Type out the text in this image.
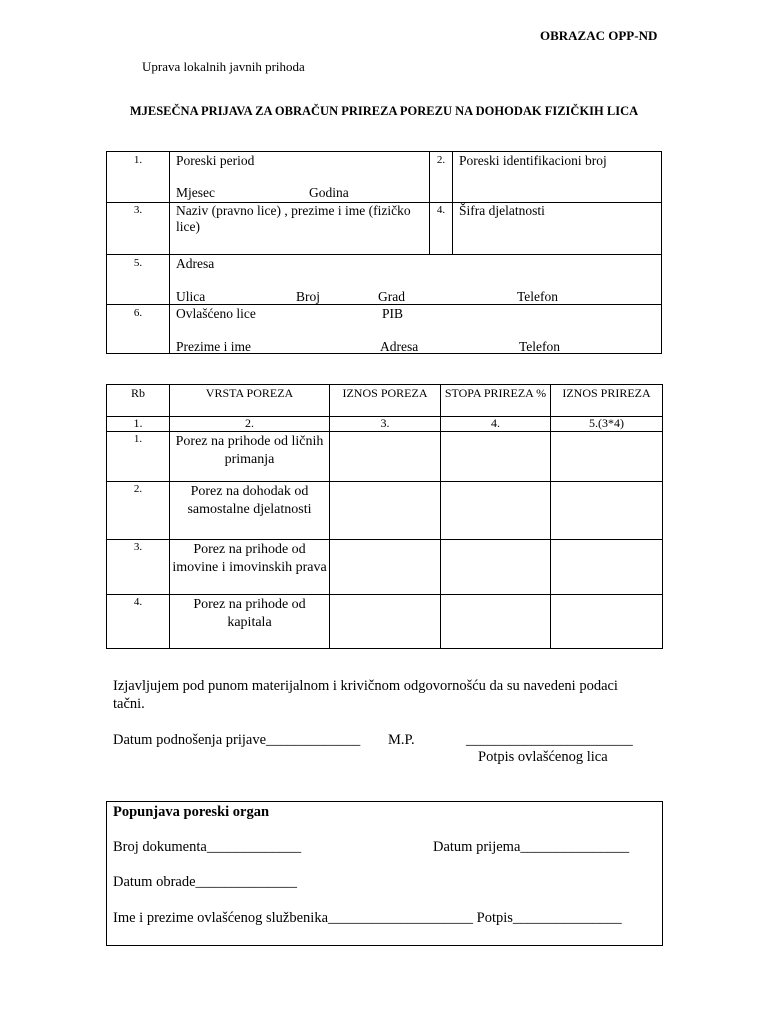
OBRAZAC OPP-ND
Uprava lokalnih javnih prihoda
MJESEČNA PRIJAVA ZA OBRAČUN PRIREZA POREZU NA DOHODAK FIZIČKIH LICA
1.	Poreski period
Mjesec	Godina
2.	Poreski identifikacioni broj
3.	Naziv (pravno lice) , prezime i ime (fizičko lice)
4.	Šifra djelatnosti
5.	Adresa
Ulica	Broj	Grad	Telefon
6.	Ovlašćeno lice	PIB
Prezime i ime	Adresa	Telefon
Rb	VRSTA POREZA	IZNOS POREZA	STOPA PRIREZA %	IZNOS PRIREZA
1.	2.	3.	4.	5.(3*4)
1.	Porez na prihode od ličnih primanja			
2.	Porez na dohodak od samostalne djelatnosti			
3.	Porez na prihode od imovine i imovinskih prava			
4.	Porez na prihode od kapitala			
Izjavljujem pod punom materijalnom i krivičnom odgovornošću da su navedeni podaci tačni.
Datum podnošenja prijave_____________ M.P.	_______________________
Potpis ovlašćenog lica
Popunjava poreski organ
Broj dokumenta_____________	Datum prijema_______________
Datum obrade______________
Ime i prezime ovlašćenog službenika____________________ Potpis_______________
